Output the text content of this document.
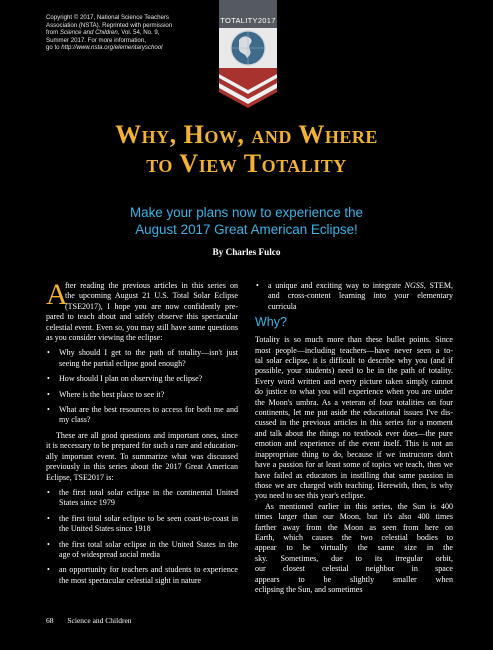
Copyright © 2017, National Science Teachers
Association (NSTA). Reprinted with permission
from Science and Children, Vol. 54, No. 9,
Summer 2017. For more information,
go to http://www.nsta.org/elementaryschool
TOTALITY2017
Why, How, and Where
to View Totality
Make your plans now to experience the
August 2017 Great American Eclipse!
By Charles Fulco
A
fter reading the previous articles in this series on
the upcoming August 21 U.S. Total Solar Eclipse
(TSE2017), I hope you are now confidently pre-
pared to teach about and safely observe this spectacular
celestial event. Even so, you may still have some questions
as you consider viewing the eclipse:
• Why should I get to the path of totality—isn't just
seeing the partial eclipse good enough?
• How should I plan on observing the eclipse?
• Where is the best place to see it?
• What are the best resources to access for both me and
my class?
These are all good questions and important ones, since
it is necessary to be prepared for such a rare and education-
ally important event. To summarize what was discussed
previously in this series about the 2017 Great American
Eclipse, TSE2017 is:
• the first total solar eclipse in the continental United
States since 1979
• the first total solar eclipse to be seen coast-to-coast in
the United States since 1918
• the first total solar eclipse in the United States in the
age of widespread social media
• an opportunity for teachers and students to experience
the most spectacular celestial sight in nature
• a unique and exciting way to integrate NGSS, STEM,
and cross-content learning into your elementary
curricula
Why?
Totality is so much more than these bullet points. Since
most people—including teachers—have never seen a to-
tal solar eclipse, it is difficult to describe why you (and if
possible, your students) need to be in the path of totality.
Every word written and every picture taken simply cannot
do justice to what you will experience when you are under
the Moon's umbra. As a veteran of four totalities on four
continents, let me put aside the educational issues I've dis-
cussed in the previous articles in this series for a moment
and talk about the things no textbook ever does—the pure
emotion and experience of the event itself. This is not an
inappropriate thing to do, because if we instructors don't
have a passion for at least some of topics we teach, then we
have failed as educators in instilling that same passion in
those we are charged with teaching. Herewith, then, is why
you need to see this year's eclipse.
As mentioned earlier in this series, the Sun is 400
times larger than our Moon, but it's also 400 times
farther away from the Moon as seen from here on
Earth, which causes the two celestial bodies to
appear to be virtually the same size in the
sky. Sometimes, due to its irregular orbit,
our closest celestial neighbor in space
appears to be slightly smaller when
eclipsing the Sun, and sometimes
68 Science and Children
